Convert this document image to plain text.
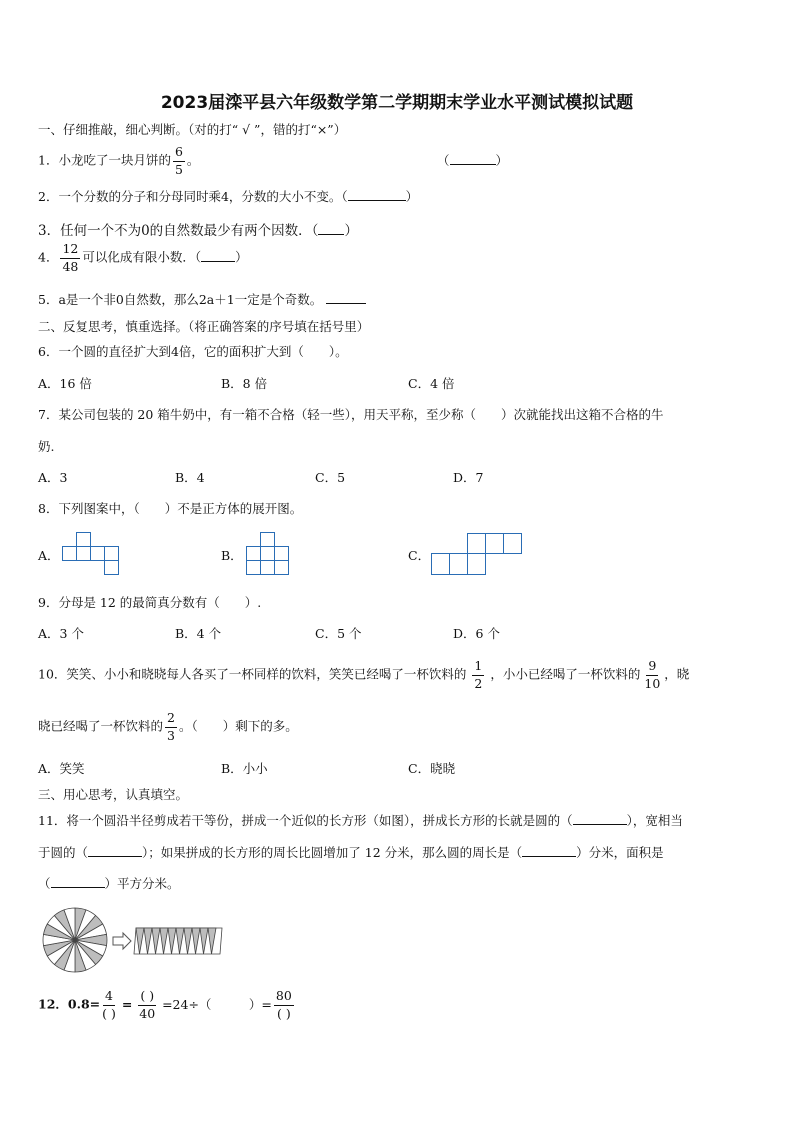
2023届滦平县六年级数学第二学期期末学业水平测试模拟试题
一、仔细推敲，细心判断。（对的打“ √ ”，错的打“×”）
1．小龙吃了一块月饼的 $\frac{6}{5}$ 。	（	）
2．一个分数的分子和分母同时乘4，分数的大小不变。（	）
3．任何一个不为0的自然数最少有两个因数．（ ）
4． $\frac{12}{48}$ 可以化成有限小数．（	）
5．a是一个非0自然数，那么2a＋1一定是个奇数。
二、反复思考，慎重选择。（将正确答案的序号填在括号里）
6．一个圆的直径扩大到4倍，它的面积扩大到（　　）。
A．16 倍	B．8 倍	C．4 倍
7．某公司包装的 20 箱牛奶中，有一箱不合格（轻一些），用天平称，至少称（　　）次就能找出这箱不合格的牛
奶.
A．3	B．4	C．5	D．7
8．下列图案中，（　　）不是正方体的展开图。
A．	B．	C．
9．分母是 12 的最简真分数有（　　）.
A．3 个	B．4 个	C．5 个	D．6 个
10．笑笑、小小和晓晓每人各买了一杯同样的饮料，笑笑已经喝了一杯饮料的 $\frac{1}{2}$ ，小小已经喝了一杯饮料的 $\frac{9}{10}$ ，晓
晓已经喝了一杯饮料的 $\frac{2}{3}$ 。（　　）剩下的多。
A．笑笑	B．小小	C．晓晓
三、用心思考，认真填空。
11．将一个圆沿半径剪成若干等份，拼成一个近似的长方形（如图），拼成长方形的长就是圆的（	），宽相当
于圆的（	）；如果拼成的长方形的周长比圆增加了 12 分米，那么圆的周长是（	）分米，面积是
（	）平方分米。
12．$0.8= \frac{4}{( )} = \frac{( )}{40} =24\div$（　　　）= $\frac{80}{( )}$
